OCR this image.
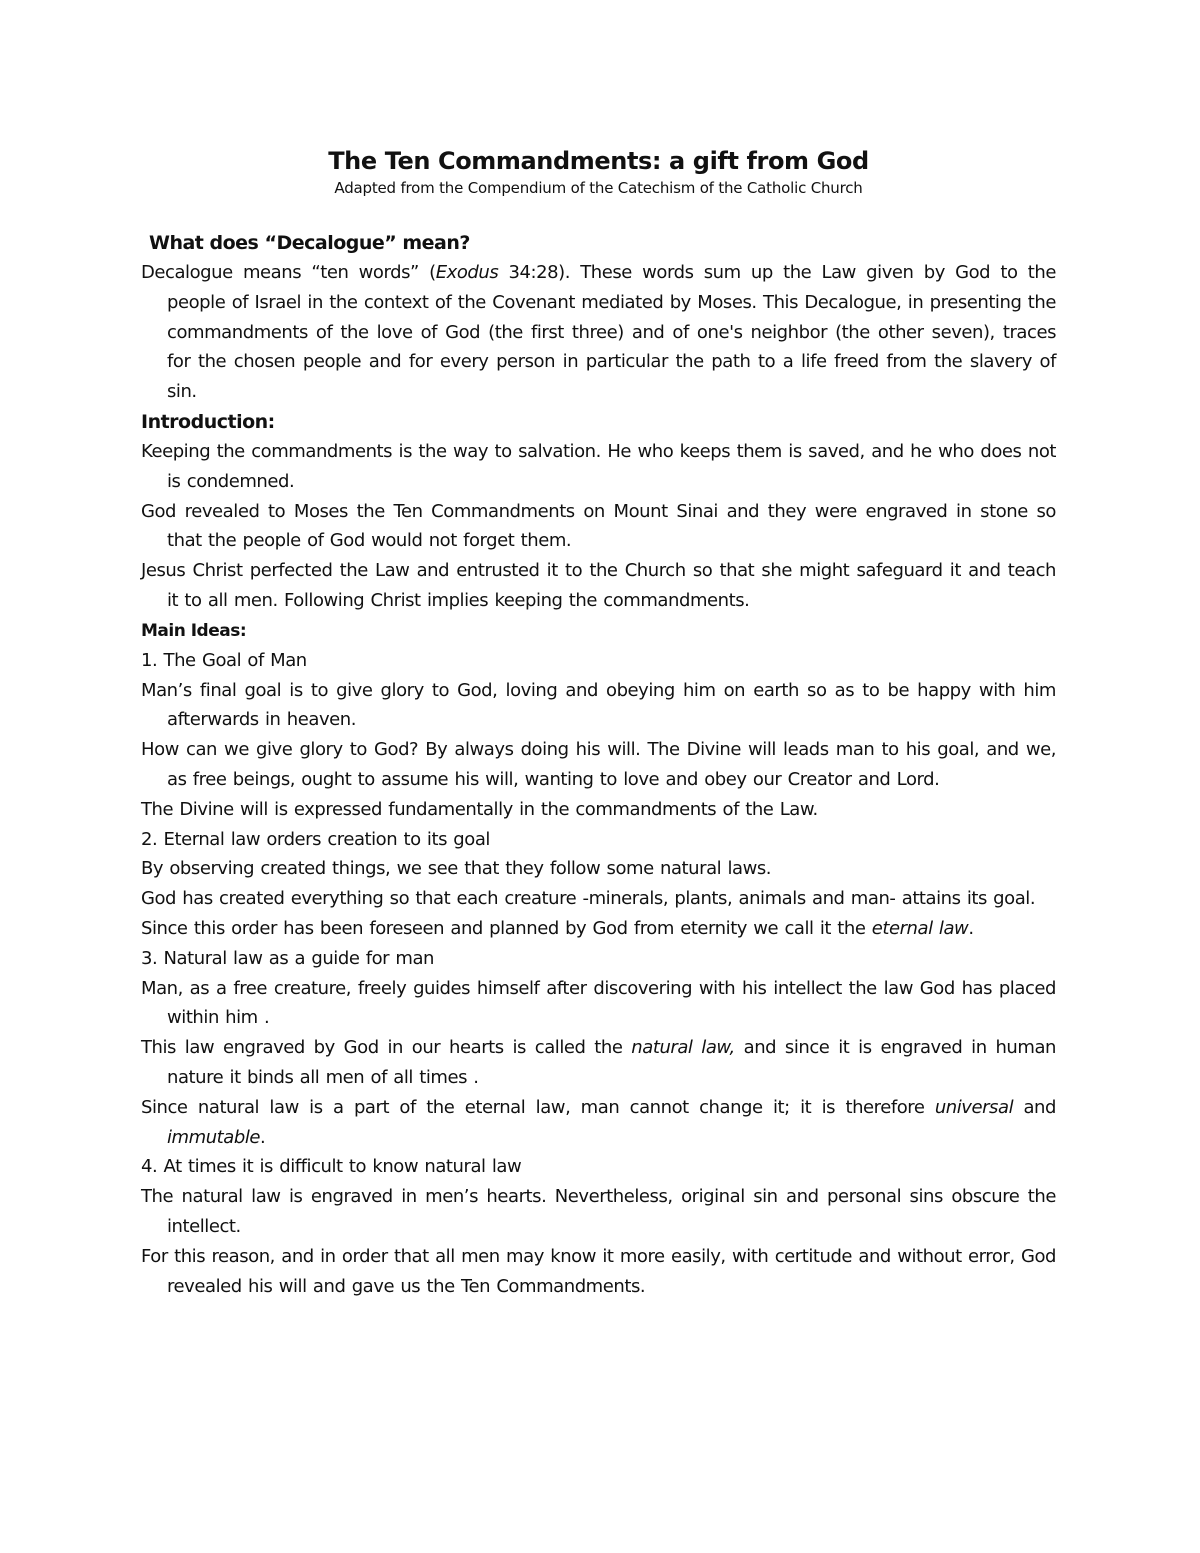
The Ten Commandments: a gift from God

Adapted from the Compendium of the Catechism of the Catholic Church

What does “Decalogue” mean?

Decalogue means “ten words” (Exodus 34:28). These words sum up the Law given by God to the people of Israel in the context of the Covenant mediated by Moses. This Decalogue, in presenting the commandments of the love of God (the first three) and of one's neighbor (the other seven), traces for the chosen people and for every person in particular the path to a life freed from the slavery of sin.

Introduction:

Keeping the commandments is the way to salvation. He who keeps them is saved, and he who does not is condemned.

God revealed to Moses the Ten Commandments on Mount Sinai and they were engraved in stone so that the people of God would not forget them.

Jesus Christ perfected the Law and entrusted it to the Church so that she might safeguard it and teach it to all men. Following Christ implies keeping the commandments.

Main Ideas:

1. The Goal of Man

Man’s final goal is to give glory to God, loving and obeying him on earth so as to be happy with him afterwards in heaven.

How can we give glory to God? By always doing his will. The Divine will leads man to his goal, and we, as free beings, ought to assume his will, wanting to love and obey our Creator and Lord.

The Divine will is expressed fundamentally in the commandments of the Law.

2. Eternal law orders creation to its goal

By observing created things, we see that they follow some natural laws.

God has created everything so that each creature -minerals, plants, animals and man- attains its goal.

Since this order has been foreseen and planned by God from eternity we call it the eternal law.

3. Natural law as a guide for man

Man, as a free creature, freely guides himself after discovering with his intellect the law God has placed within him .

This law engraved by God in our hearts is called the natural law, and since it is engraved in human nature it binds all men of all times .

Since natural law is a part of the eternal law, man cannot change it; it is therefore universal and immutable.

4. At times it is difficult to know natural law

The natural law is engraved in men’s hearts. Nevertheless, original sin and personal sins obscure the intellect.

For this reason, and in order that all men may know it more easily, with certitude and without error, God revealed his will and gave us the Ten Commandments.
